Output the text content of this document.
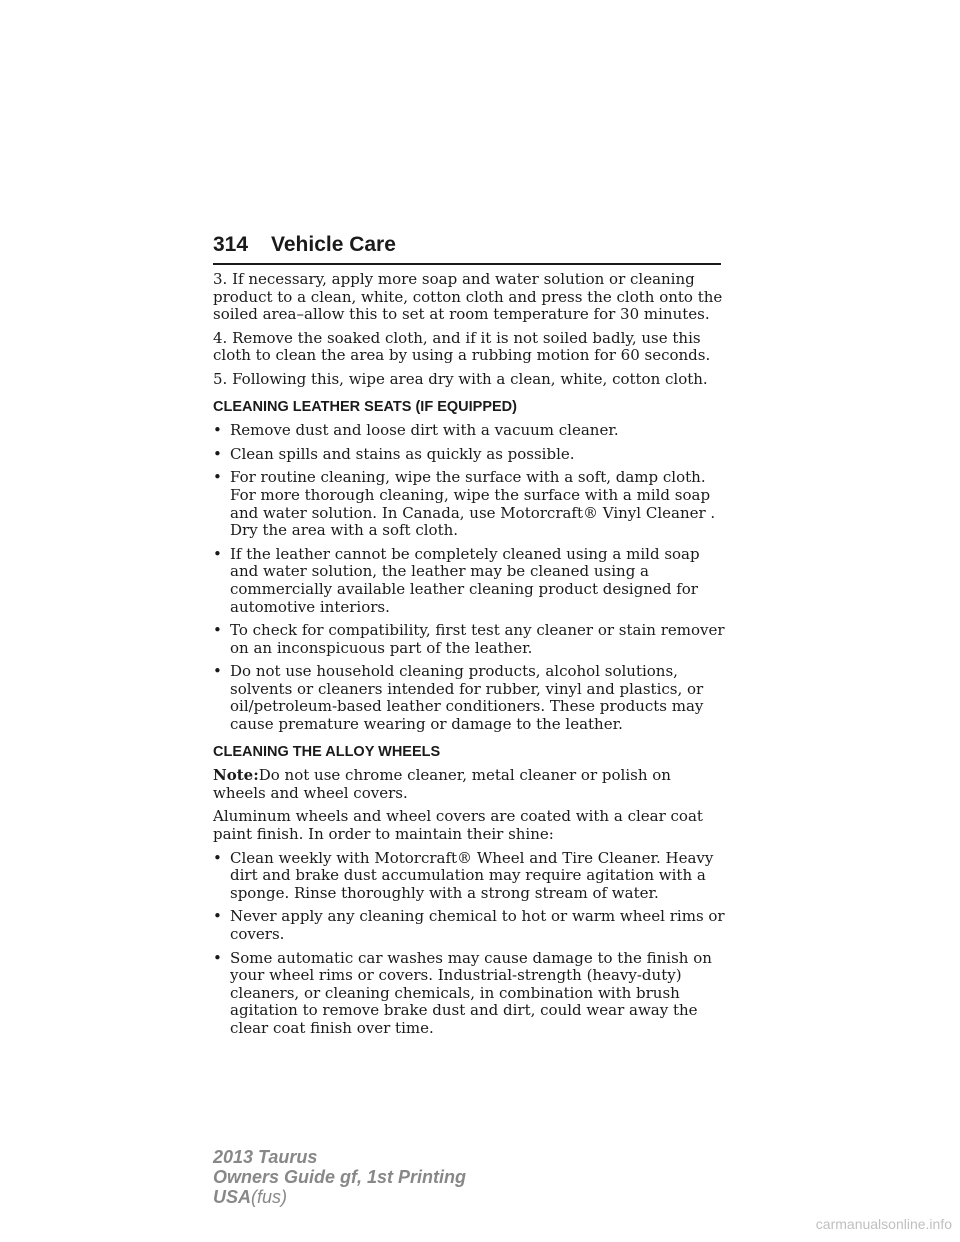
314 Vehicle Care

3. If necessary, apply more soap and water solution or cleaning product to a clean, white, cotton cloth and press the cloth onto the soiled area–allow this to set at room temperature for 30 minutes.

4. Remove the soaked cloth, and if it is not soiled badly, use this cloth to clean the area by using a rubbing motion for 60 seconds.

5. Following this, wipe area dry with a clean, white, cotton cloth.

CLEANING LEATHER SEATS (IF EQUIPPED)
• Remove dust and loose dirt with a vacuum cleaner.
• Clean spills and stains as quickly as possible.
• For routine cleaning, wipe the surface with a soft, damp cloth. For more thorough cleaning, wipe the surface with a mild soap and water solution. In Canada, use Motorcraft® Vinyl Cleaner . Dry the area with a soft cloth.
• If the leather cannot be completely cleaned using a mild soap and water solution, the leather may be cleaned using a commercially available leather cleaning product designed for automotive interiors.
• To check for compatibility, first test any cleaner or stain remover on an inconspicuous part of the leather.
• Do not use household cleaning products, alcohol solutions, solvents or cleaners intended for rubber, vinyl and plastics, or oil/petroleum-based leather conditioners. These products may cause premature wearing or damage to the leather.
CLEANING THE ALLOY WHEELS

Note:Do not use chrome cleaner, metal cleaner or polish on wheels and wheel covers.

Aluminum wheels and wheel covers are coated with a clear coat paint finish. In order to maintain their shine:

• Clean weekly with Motorcraft® Wheel and Tire Cleaner. Heavy dirt and brake dust accumulation may require agitation with a sponge. Rinse thoroughly with a strong stream of water.
• Never apply any cleaning chemical to hot or warm wheel rims or covers.
• Some automatic car washes may cause damage to the finish on your wheel rims or covers. Industrial-strength (heavy-duty) cleaners, or cleaning chemicals, in combination with brush agitation to remove brake dust and dirt, could wear away the clear coat finish over time.
2013 Taurus
Owners Guide gf, 1st Printing
USA(fus)
carmanualsonline.info
